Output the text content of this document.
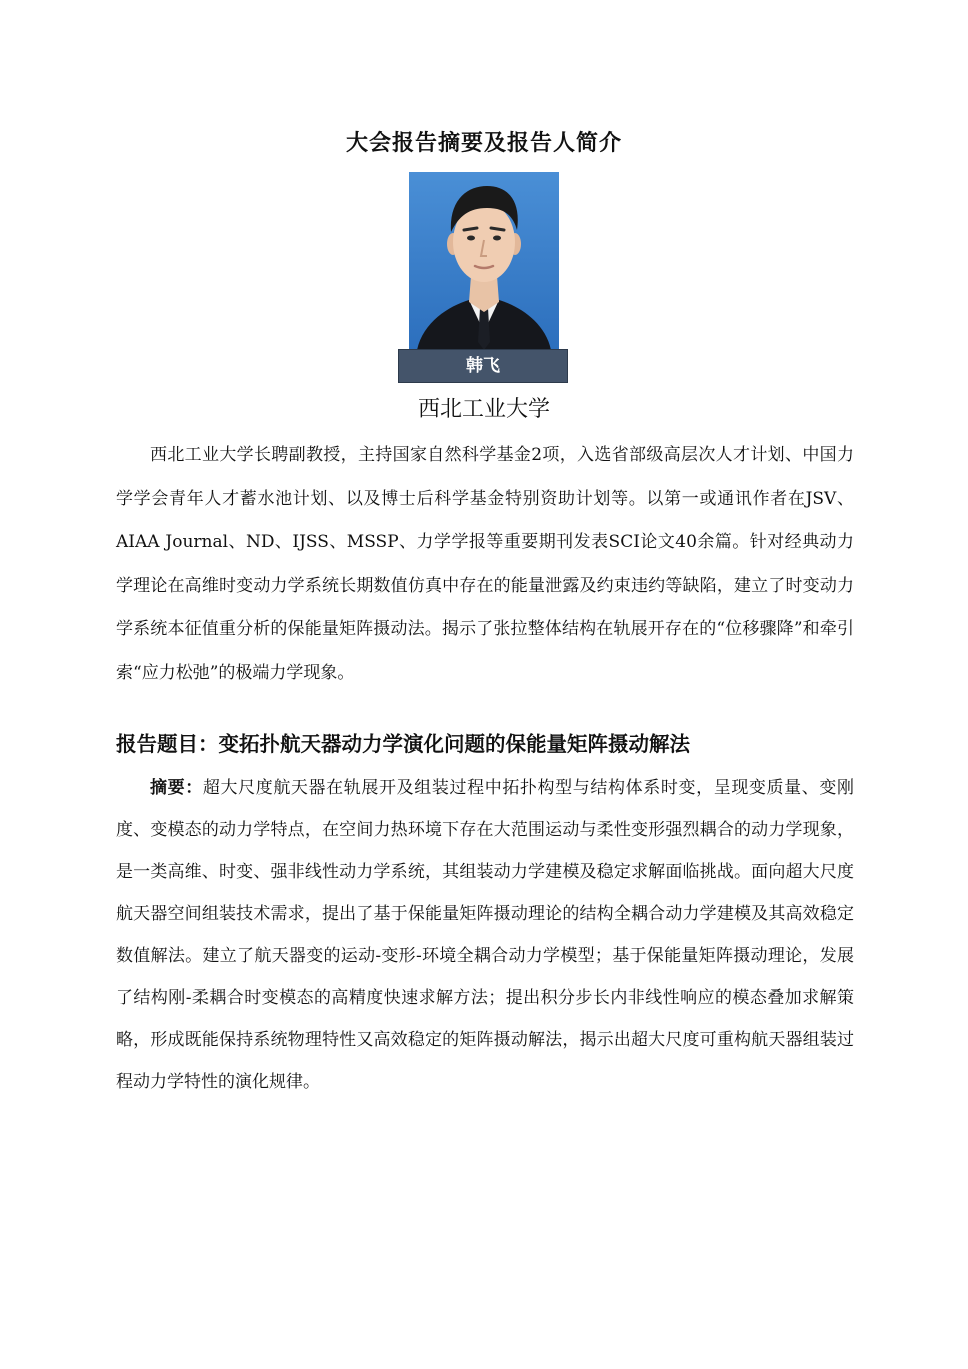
大会报告摘要及报告人简介
韩飞
西北工业大学

西北工业大学长聘副教授，主持国家自然科学基金2项，入选省部级高层次人才计划、中国力学学会青年人才蓄水池计划、以及博士后科学基金特别资助计划等。以第一或通讯作者在JSV、AIAA Journal、ND、IJSS、MSSP、力学学报等重要期刊发表SCI论文40余篇。针对经典动力学理论在高维时变动力学系统长期数值仿真中存在的能量泄露及约束违约等缺陷，建立了时变动力学系统本征值重分析的保能量矩阵摄动法。揭示了张拉整体结构在轨展开存在的“位移骤降”和牵引索“应力松弛”的极端力学现象。

报告题目：变拓扑航天器动力学演化问题的保能量矩阵摄动解法

摘要：超大尺度航天器在轨展开及组装过程中拓扑构型与结构体系时变，呈现变质量、变刚度、变模态的动力学特点，在空间力热环境下存在大范围运动与柔性变形强烈耦合的动力学现象，是一类高维、时变、强非线性动力学系统，其组装动力学建模及稳定求解面临挑战。面向超大尺度航天器空间组装技术需求，提出了基于保能量矩阵摄动理论的结构全耦合动力学建模及其高效稳定数值解法。建立了航天器变的运动-变形-环境全耦合动力学模型；基于保能量矩阵摄动理论，发展了结构刚-柔耦合时变模态的高精度快速求解方法；提出积分步长内非线性响应的模态叠加求解策略，形成既能保持系统物理特性又高效稳定的矩阵摄动解法，揭示出超大尺度可重构航天器组装过程动力学特性的演化规律。
